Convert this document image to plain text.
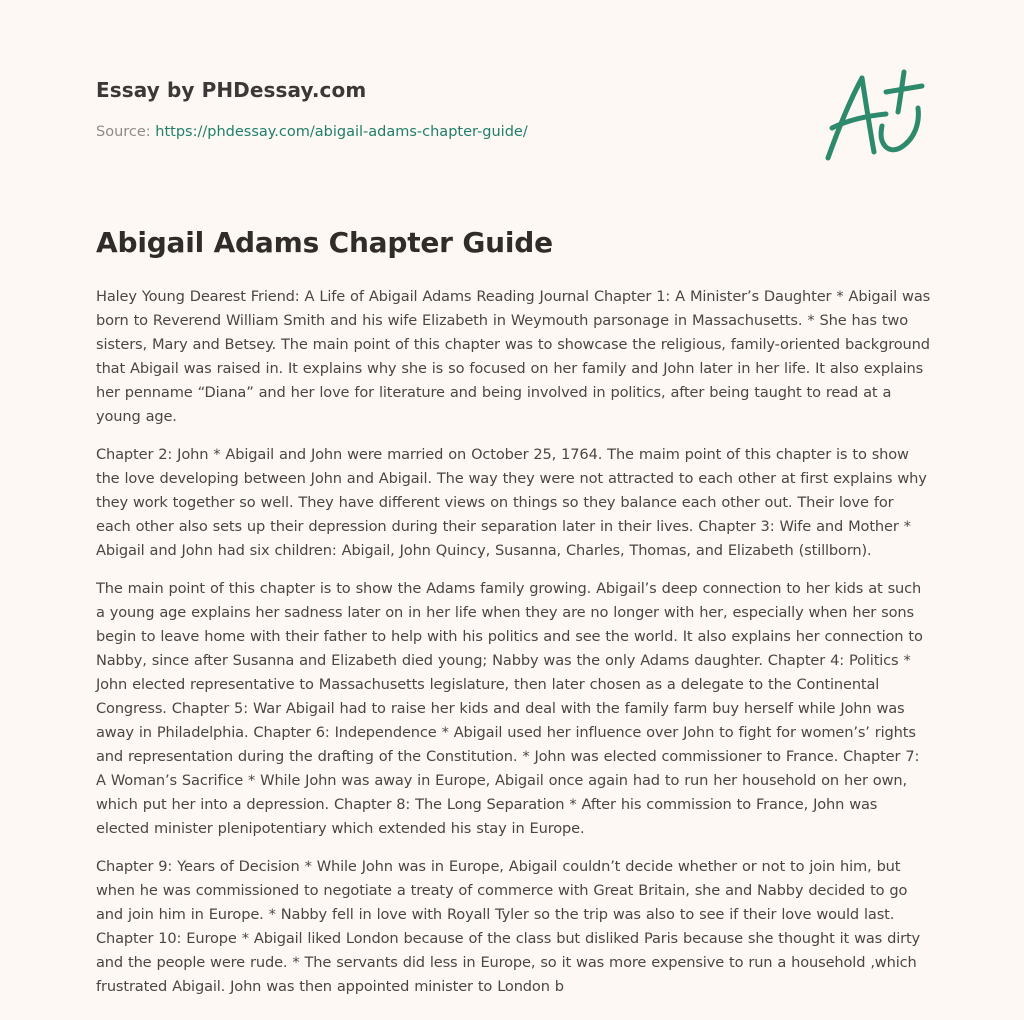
Essay by PHDessay.com
Source: https://phdessay.com/abigail-adams-chapter-guide/
Abigail Adams Chapter Guide

Haley Young Dearest Friend: A Life of Abigail Adams Reading Journal Chapter 1: A Minister’s Daughter * Abigail was born to Reverend William Smith and his wife Elizabeth in Weymouth parsonage in Massachusetts. * She has two sisters, Mary and Betsey. The main point of this chapter was to showcase the religious, family-oriented background that Abigail was raised in. It explains why she is so focused on her family and John later in her life. It also explains her penname “Diana” and her love for literature and being involved in politics, after being taught to read at a young age.

Chapter 2: John * Abigail and John were married on October 25, 1764. The maim point of this chapter is to show the love developing between John and Abigail. The way they were not attracted to each other at first explains why they work together so well. They have different views on things so they balance each other out. Their love for each other also sets up their depression during their separation later in their lives. Chapter 3: Wife and Mother * Abigail and John had six children: Abigail, John Quincy, Susanna, Charles, Thomas, and Elizabeth (stillborn).

The main point of this chapter is to show the Adams family growing. Abigail’s deep connection to her kids at such a young age explains her sadness later on in her life when they are no longer with her, especially when her sons begin to leave home with their father to help with his politics and see the world. It also explains her connection to Nabby, since after Susanna and Elizabeth died young; Nabby was the only Adams daughter. Chapter 4: Politics * John elected representative to Massachusetts legislature, then later chosen as a delegate to the Continental Congress. Chapter 5: War Abigail had to raise her kids and deal with the family farm buy herself while John was away in Philadelphia. Chapter 6: Independence * Abigail used her influence over John to fight for women’s’ rights and representation during the drafting of the Constitution. * John was elected commissioner to France. Chapter 7: A Woman’s Sacrifice * While John was away in Europe, Abigail once again had to run her household on her own, which put her into a depression. Chapter 8: The Long Separation * After his commission to France, John was elected minister plenipotentiary which extended his stay in Europe.

Chapter 9: Years of Decision * While John was in Europe, Abigail couldn’t decide whether or not to join him, but when he was commissioned to negotiate a treaty of commerce with Great Britain, she and Nabby decided to go and join him in Europe. * Nabby fell in love with Royall Tyler so the trip was also to see if their love would last. Chapter 10: Europe * Abigail liked London because of the class but disliked Paris because she thought it was dirty and the people were rude. * The servants did less in Europe, so it was more expensive to run a household ,which frustrated Abigail. John was then appointed minister to London b
